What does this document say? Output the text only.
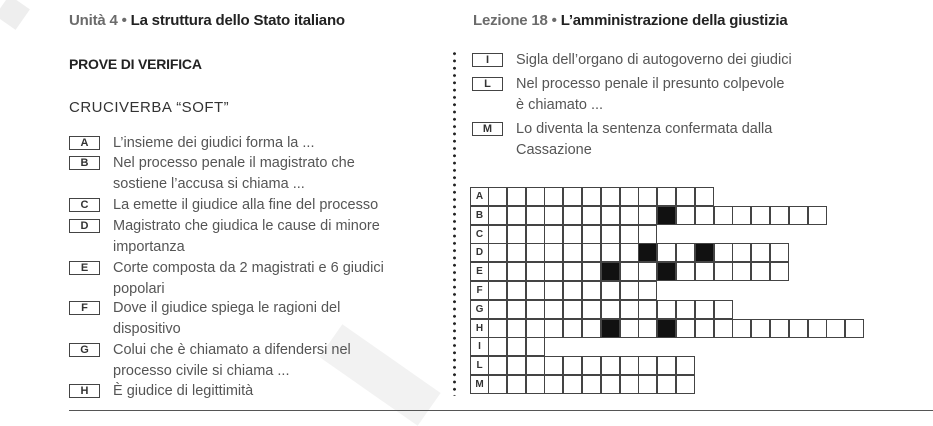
Unità 4 • La struttura dello Stato italiano	Lezione 18 • L’amministrazione della giustizia
PROVE DI VERIFICA
CRUCIVERBA “SOFT”
A	L’insieme dei giudici forma la ...
B	Nel processo penale il magistrato che
sostiene l’accusa si chiama ...
C	La emette il giudice alla fine del processo
D	Magistrato che giudica le cause di minore
importanza
E	Corte composta da 2 magistrati e 6 giudici
popolari
F	Dove il giudice spiega le ragioni del
dispositivo
G	Colui che è chiamato a difendersi nel
processo civile si chiama ...
H	È giudice di legittimità
I	Sigla dell’organo di autogoverno dei giudici
L	Nel processo penale il presunto colpevole
è chiamato ...
M	Lo diventa la sentenza confermata dalla
Cassazione
A
B
C
D
E
F
G
H
I
L
M
